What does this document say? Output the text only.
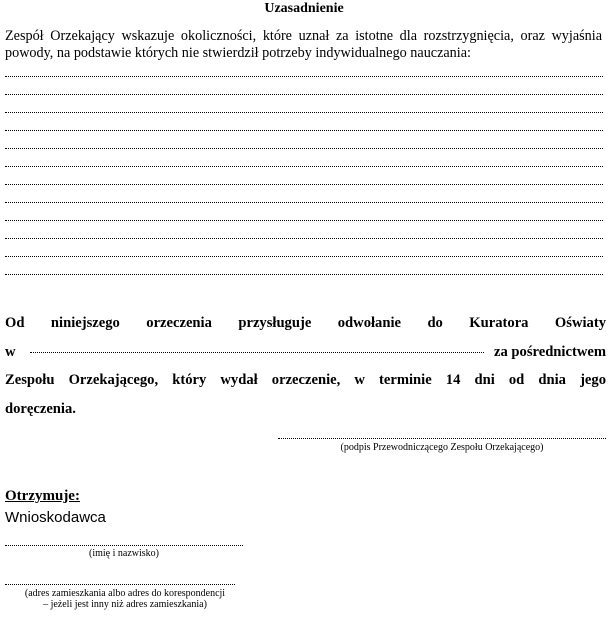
Uzasadnienie
Zespół Orzekający wskazuje okoliczności, które uznał za istotne dla rozstrzygnięcia, oraz wyjaśnia powody, na podstawie których nie stwierdził potrzeby indywidualnego nauczania:
Od niniejszego orzeczenia przysługuje odwołanie do Kuratora Oświaty
w	za pośrednictwem
Zespołu Orzekającego, który wydał orzeczenie, w terminie 14 dni od dnia jego
doręczenia.
(podpis Przewodniczącego Zespołu Orzekającego)
Otrzymuje:
Wnioskodawca
(imię i nazwisko)
(adres zamieszkania albo adres do korespondencji
– jeżeli jest inny niż adres zamieszkania)
